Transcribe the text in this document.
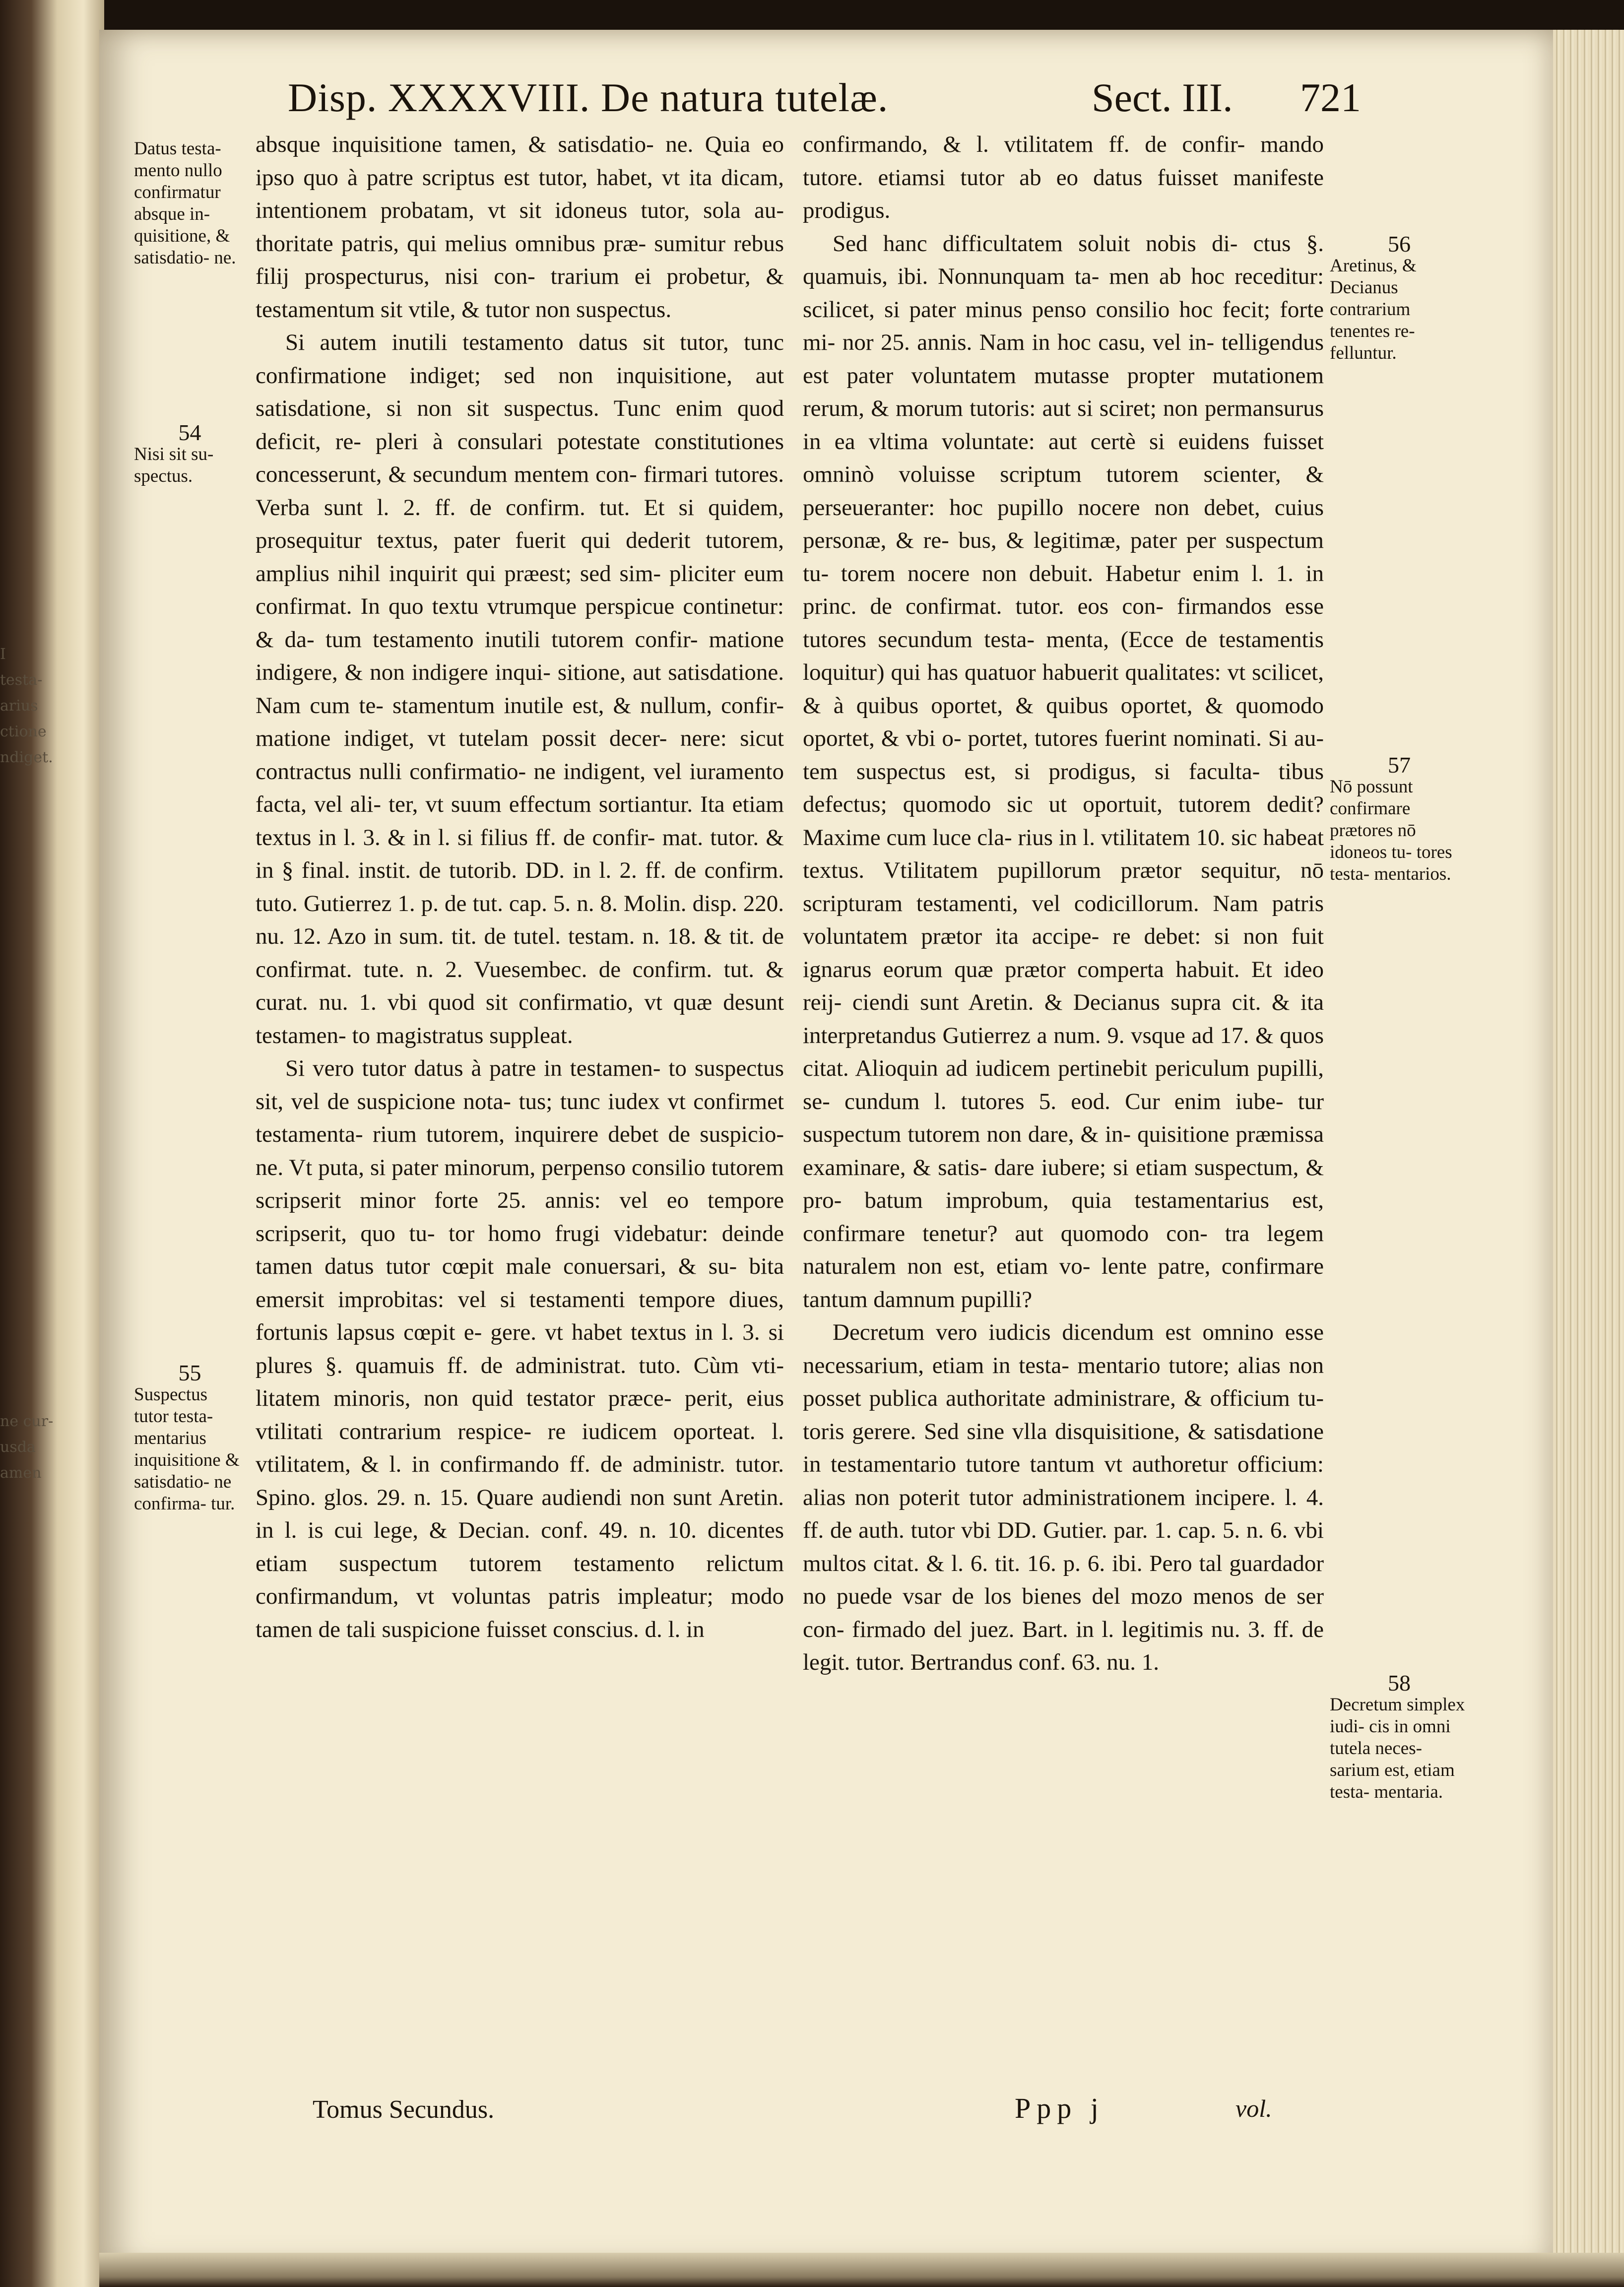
I
testa-
arius
ctione
ndiget.
ne cur-
usda
amen
Disp. XXXXVIII. De natura tutelæ.	Sect. III. 721
Datus testa- mento nullo confirmatur absque in- quisitione, & satisdatio- ne.
54
Nisi sit su- spectus.
55
Suspectus tutor testa- mentarius inquisitione & satisdatio- ne confirma- tur.
56
Aretinus, & Decianus contrarium tenentes re- felluntur.
57
Nō possunt confirmare prætores nō idoneos tu- tores testa- mentarios.
58
Decretum simplex iudi- cis in omni tutela neces- sarium est, etiam testa- mentaria.

absque inquisitione tamen, & satisdatio- ne. Quia eo ipso quo à patre scriptus est tutor, habet, vt ita dicam, intentionem probatam, vt sit idoneus tutor, sola au- thoritate patris, qui melius omnibus præ- sumitur rebus filij prospecturus, nisi con- trarium ei probetur, & testamentum sit vtile, & tutor non suspectus.

Si autem inutili testamento datus sit tutor, tunc confirmatione indiget; sed non inquisitione, aut satisdatione, si non sit suspectus. Tunc enim quod deficit, re- pleri à consulari potestate constitutiones concesserunt, & secundum mentem con- firmari tutores. Verba sunt l. 2. ff. de confirm. tut. Et si quidem, prosequitur textus, pater fuerit qui dederit tutorem, amplius nihil inquirit qui præest; sed sim- pliciter eum confirmat. In quo textu vtrumque perspicue continetur: & da- tum testamento inutili tutorem confir- matione indigere, & non indigere inqui- sitione, aut satisdatione. Nam cum te- stamentum inutile est, & nullum, confir- matione indiget, vt tutelam possit decer- nere: sicut contractus nulli confirmatio- ne indigent, vel iuramento facta, vel ali- ter, vt suum effectum sortiantur. Ita etiam textus in l. 3. & in l. si filius ff. de confir- mat. tutor. & in § final. instit. de tutorib. DD. in l. 2. ff. de confirm. tuto. Gutierrez 1. p. de tut. cap. 5. n. 8. Molin. disp. 220. nu. 12. Azo in sum. tit. de tutel. testam. n. 18. & tit. de confirmat. tute. n. 2. Vuesembec. de confirm. tut. & curat. nu. 1. vbi quod sit confirmatio, vt quæ desunt testamen- to magistratus suppleat.

Si vero tutor datus à patre in testamen- to suspectus sit, vel de suspicione nota- tus; tunc iudex vt confirmet testamenta- rium tutorem, inquirere debet de suspicio- ne. Vt puta, si pater minorum, perpenso consilio tutorem scripserit minor forte 25. annis: vel eo tempore scripserit, quo tu- tor homo frugi videbatur: deinde tamen datus tutor cœpit male conuersari, & su- bita emersit improbitas: vel si testamenti tempore diues, fortunis lapsus cœpit e- gere. vt habet textus in l. 3. si plures §. quamuis ff. de administrat. tuto. Cùm vti- litatem minoris, non quid testator præce- perit, eius vtilitati contrarium respice- re iudicem oporteat. l. vtilitatem, & l. in confirmando ff. de administr. tutor. Spino. glos. 29. n. 15. Quare audiendi non sunt Aretin. in l. is cui lege, & Decian. conf. 49. n. 10. dicentes etiam suspectum tutorem testamento relictum confirmandum, vt voluntas patris impleatur; modo tamen de tali suspicione fuisset conscius. d. l. in

confirmando, & l. vtilitatem ff. de confir- mando tutore. etiamsi tutor ab eo datus fuisset manifeste prodigus.

Sed hanc difficultatem soluit nobis di- ctus §. quamuis, ibi. Nonnunquam ta- men ab hoc receditur: scilicet, si pater minus penso consilio hoc fecit; forte mi- nor 25. annis. Nam in hoc casu, vel in- telligendus est pater voluntatem mutasse propter mutationem rerum, & morum tutoris: aut si sciret; non permansurus in ea vltima voluntate: aut certè si euidens fuisset omninò voluisse scriptum tutorem scienter, & perseueranter: hoc pupillo nocere non debet, cuius personæ, & re- bus, & legitimæ, pater per suspectum tu- torem nocere non debuit. Habetur enim l. 1. in princ. de confirmat. tutor. eos con- firmandos esse tutores secundum testa- menta, (Ecce de testamentis loquitur) qui has quatuor habuerit qualitates: vt scilicet, & à quibus oportet, & quibus oportet, & quomodo oportet, & vbi o- portet, tutores fuerint nominati. Si au- tem suspectus est, si prodigus, si faculta- tibus defectus; quomodo sic ut oportuit, tutorem dedit? Maxime cum luce cla- rius in l. vtilitatem 10. sic habeat textus. Vtilitatem pupillorum prætor sequitur, nō scripturam testamenti, vel codicillorum. Nam patris voluntatem prætor ita accipe- re debet: si non fuit ignarus eorum quæ prætor comperta habuit. Et ideo reij- ciendi sunt Aretin. & Decianus supra cit. & ita interpretandus Gutierrez a num. 9. vsque ad 17. & quos citat. Alioquin ad iudicem pertinebit periculum pupilli, se- cundum l. tutores 5. eod. Cur enim iube- tur suspectum tutorem non dare, & in- quisitione præmissa examinare, & satis- dare iubere; si etiam suspectum, & pro- batum improbum, quia testamentarius est, confirmare tenetur? aut quomodo con- tra legem naturalem non est, etiam vo- lente patre, confirmare tantum damnum pupilli?

Decretum vero iudicis dicendum est omnino esse necessarium, etiam in testa- mentario tutore; alias non posset publica authoritate administrare, & officium tu- toris gerere. Sed sine vlla disquisitione, & satisdatione in testamentario tutore tantum vt authoretur officium: alias non poterit tutor administrationem incipere. l. 4. ff. de auth. tutor vbi DD. Gutier. par. 1. cap. 5. n. 6. vbi multos citat. & l. 6. tit. 16. p. 6. ibi. Pero tal guardador no puede vsar de los bienes del mozo menos de ser con- firmado del juez. Bart. in l. legitimis nu. 3. ff. de legit. tutor. Bertrandus conf. 63. nu. 1.

Tomus Secundus.	Ppp j	vol.
